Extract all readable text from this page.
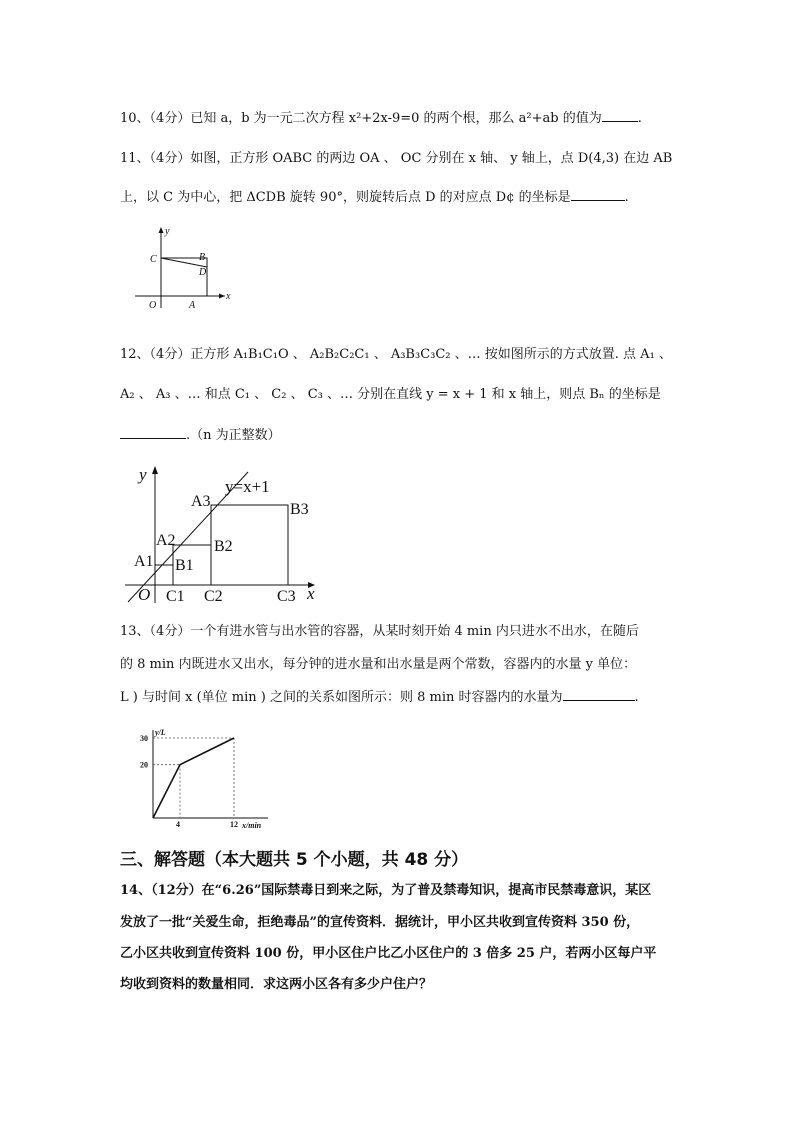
10、（4分）已知 a，b 为一元二次方程 x²+2x-9=0 的两个根，那么 a²+ab 的值为	.
11、（4分）如图，正方形 OABC 的两边 OA 、 OC 分别在 x 轴、 y 轴上，点 D(4,3) 在边 AB
上，以 C 为中心，把 ΔCDB 旋转 90°，则旋转后点 D 的对应点 D¢ 的坐标是	.
y
x
O	A
B
C
D
12、（4分）正方形 A₁B₁C₁O 、 A₂B₂C₂C₁ 、 A₃B₃C₃C₂ 、… 按如图所示的方式放置. 点 A₁ 、
A₂ 、 A₃ 、… 和点 C₁ 、 C₂ 、 C₃ 、… 分别在直线 y = x + 1 和 x 轴上，则点 Bₙ 的坐标是
.（n 为正整数）
y=x+1
y
x
O
A1
A2
A3
B1
B2
B3
C1 C2	C3
13、（4分）一个有进水管与出水管的容器，从某时刻开始 4 min 内只进水不出水，在随后
的 8 min 内既进水又出水，每分钟的进水量和出水量是两个常数，容器内的水量 y 单位：
L ) 与时间 x (单位 min ) 之间的关系如图所示：则 8 min 时容器内的水量为	.
y/L
x/min
4	12
20
30
三、解答题（本大题共 5 个小题，共 48 分）
14、（12分）在“6.26”国际禁毒日到来之际，为了普及禁毒知识，提高市民禁毒意识，某区
发放了一批“关爱生命，拒绝毒品”的宣传资料．据统计，甲小区共收到宣传资料 350 份，
乙小区共收到宣传资料 100 份，甲小区住户比乙小区住户的 3 倍多 25 户，若两小区每户平
均收到资料的数量相同．求这两小区各有多少户住户？
